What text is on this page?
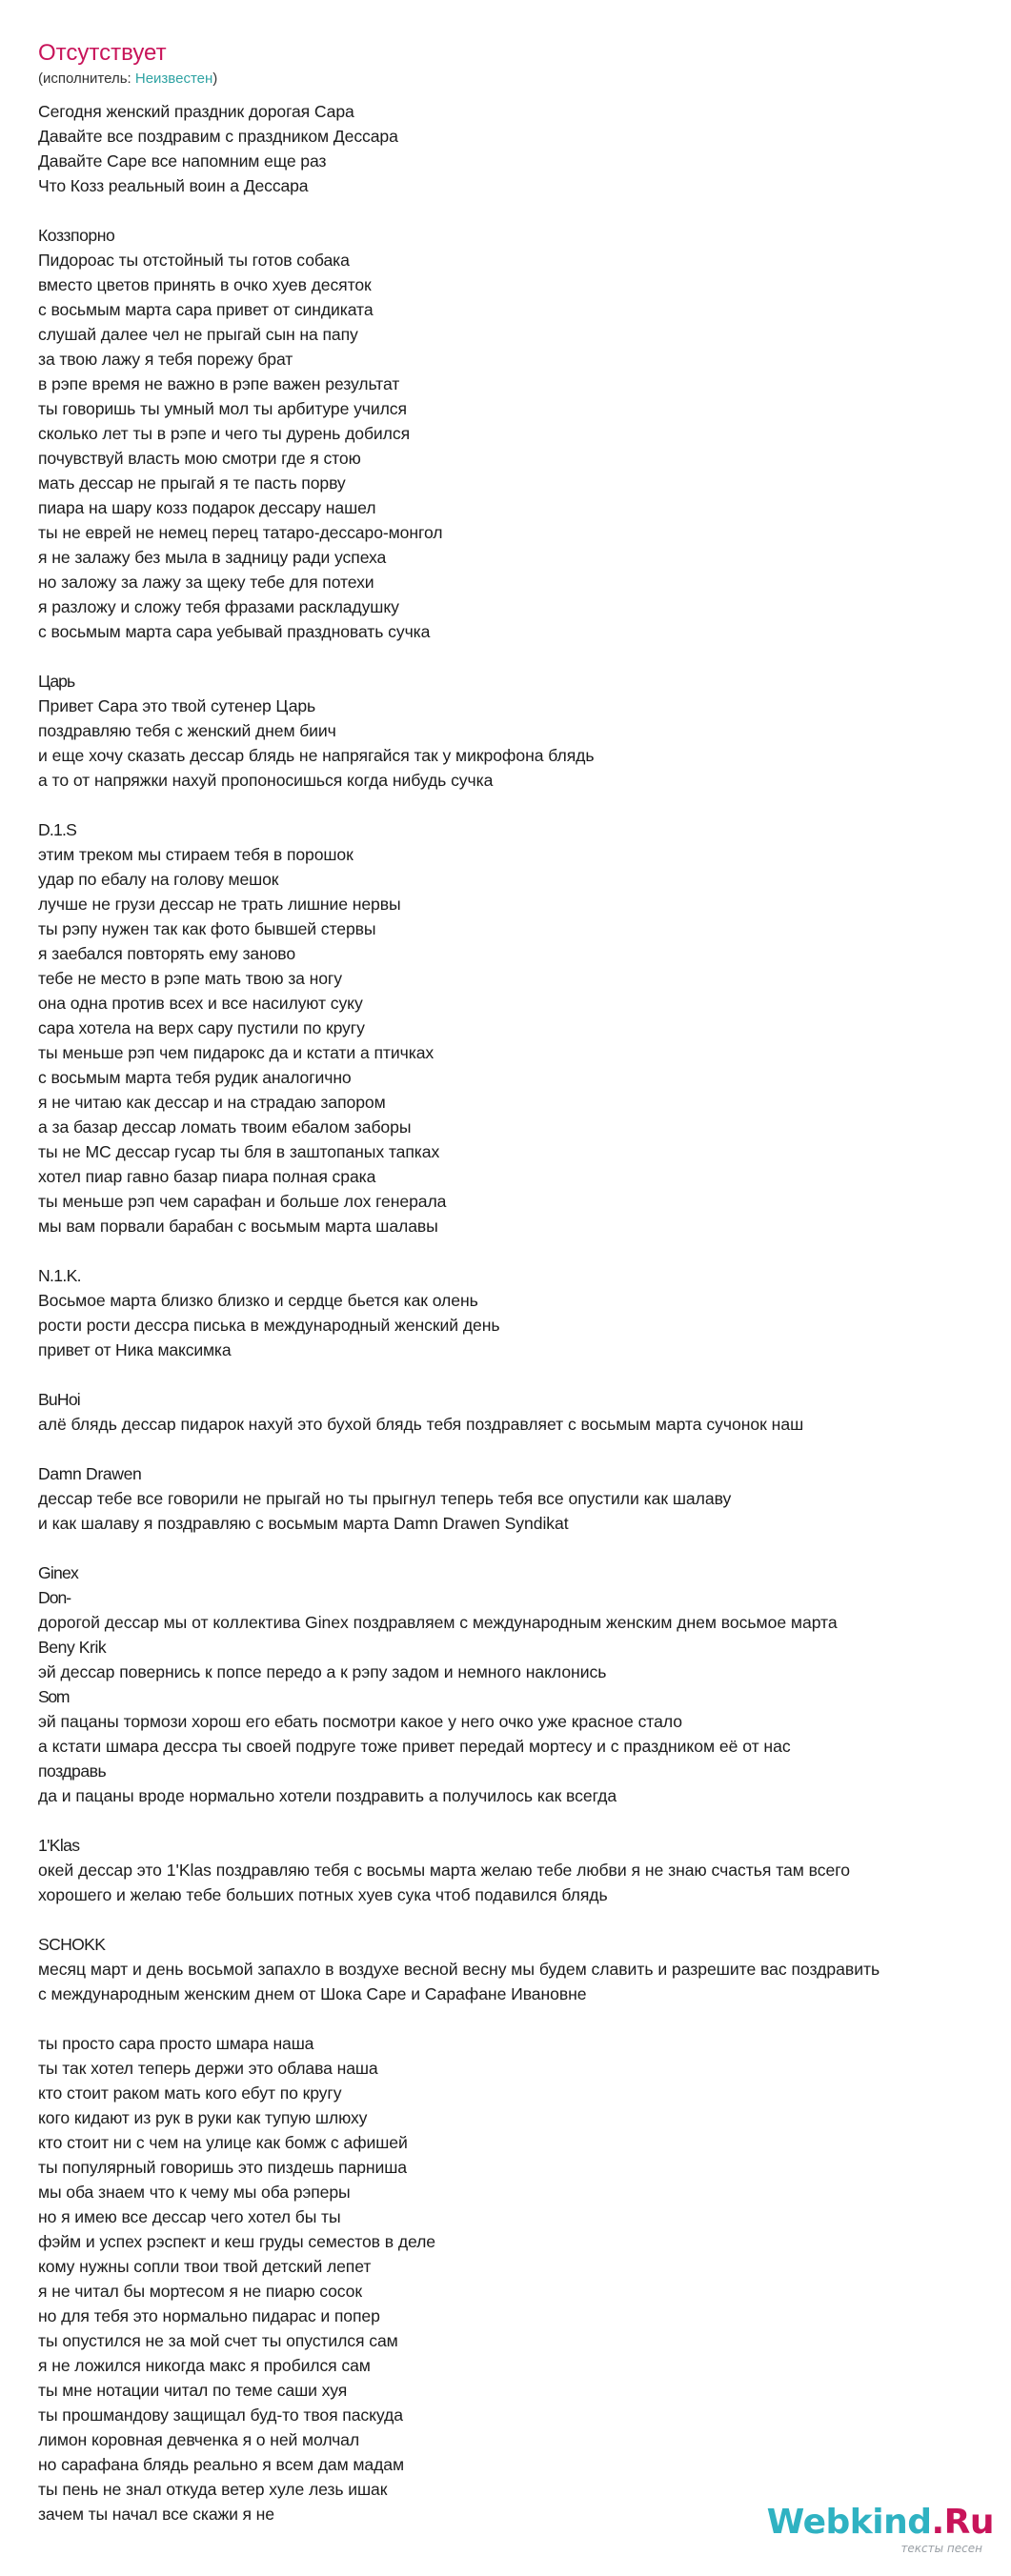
Отсутствует
(исполнитель: Неизвестен)
Сегодня женский праздник дорогая Сара
Давайте все поздравим с праздником Дессара
Давайте Саре все напомним еще раз
Что Козз реальный воин а Дессара
Коззпорно
Пидороас ты отстойный ты готов собака
вместо цветов принять в очко хуев десяток
с восьмым марта сара привет от синдиката
слушай далее чел не прыгай сын на папу
за твою лажу я тебя порежу брат
в рэпе время не важно в рэпе важен результат
ты говоришь ты умный мол ты арбитуре учился
сколько лет ты в рэпе и чего ты дурень добился
почувствуй власть мою смотри где я стою
мать дессар не прыгай я те пасть порву
пиара на шару козз подарок дессару нашел
ты не еврей не немец перец татаро-дессаро-монгол
я не залажу без мыла в задницу ради успеха
но заложу за лажу за щеку тебе для потехи
я разложу и сложу тебя фразами раскладушку
с восьмым марта сара уебывай праздновать сучка
Царь
Привет Сара это твой сутенер Царь
поздравляю тебя с женский днем биич
и еще хочу сказать дессар блядь не напрягайся так у микрофона блядь
а то от напряжки нахуй пропоносишься когда нибудь сучка
D.1.S
этим треком мы стираем тебя в порошок
удар по ебалу на голову мешок
лучше не грузи дессар не трать лишние нервы
ты рэпу нужен так как фото бывшей стервы
я заебался повторять ему заново
тебе не место в рэпе мать твою за ногу
она одна против всех и все насилуют суку
сара хотела на верх сару пустили по кругу
ты меньше рэп чем пидарокс да и кстати а птичках
с восьмым марта тебя рудик аналогично
я не читаю как дессар и на страдаю запором
а за базар дессар ломать твоим ебалом заборы
ты не МС дессар гусар ты бля в заштопаных тапках
хотел пиар гавно базар пиара полная срака
ты меньше рэп чем сарафан и больше лох генерала
мы вам порвали барабан с восьмым марта шалавы
N.1.K.
Восьмое марта близко близко и сердце бьется как олень
рости рости дессра писька в международный женский день
привет от Ника максимка
BuHoi
алё блядь дессар пидарок нахуй это бухой блядь тебя поздравляет с восьмым марта сучонок наш
Damn Drawen
дессар тебе все говорили не прыгай но ты прыгнул теперь тебя все опустили как шалаву
и как шалаву я поздравляю с восьмым марта Damn Drawen Syndikat
Ginex
Don-
дорогой дессар мы от коллектива Ginex поздравляем с международным женским днем восьмое марта
Beny Krik
эй дессар повернись к попсе передо а к рэпу задом и немного наклонись
Som
эй пацаны тормози хорош его ебать посмотри какое у него очко уже красное стало
а кстати шмара дессра ты своей подруге тоже привет передай мортесу и с праздником её от нас
поздравь
да и пацаны вроде нормально хотели поздравить а получилось как всегда
1'Klas
окей дессар это 1'Klas поздравляю тебя с восьмы марта желаю тебе любви я не знаю счастья там всего
хорошего и желаю тебе больших потных хуев сука чтоб подавился блядь
SCHOKK
месяц март и день восьмой запахло в воздухе весной весну мы будем славить и разрешите вас поздравить
с международным женским днем от Шока Саре и Сарафане Ивановне
ты просто сара просто шмара наша
ты так хотел теперь держи это облава наша
кто стоит раком мать кого ебут по кругу
кого кидают из рук в руки как тупую шлюху
кто стоит ни с чем на улице как бомж с афишей
ты популярный говоришь это пиздешь парниша
мы оба знаем что к чему мы оба рэперы
но я имею все дессар чего хотел бы ты
фэйм и успех рэспект и кеш груды семестов в деле
кому нужны сопли твои твой детский лепет
я не читал бы мортесом я не пиарю сосок
но для тебя это нормально пидарас и попер
ты опустился не за мой счет ты опустился сам
я не ложился никогда макс я пробился сам
ты мне нотации читал по теме саши хуя
ты прошмандову защищал буд-то твоя паскуда
лимон коровная девченка я о ней молчал
но сарафана блядь реально я всем дам мадам
ты пень не знал откуда ветер хуле лезь ишак
зачем ты начал все скажи я не	Webkind.Ru
тексты песен
